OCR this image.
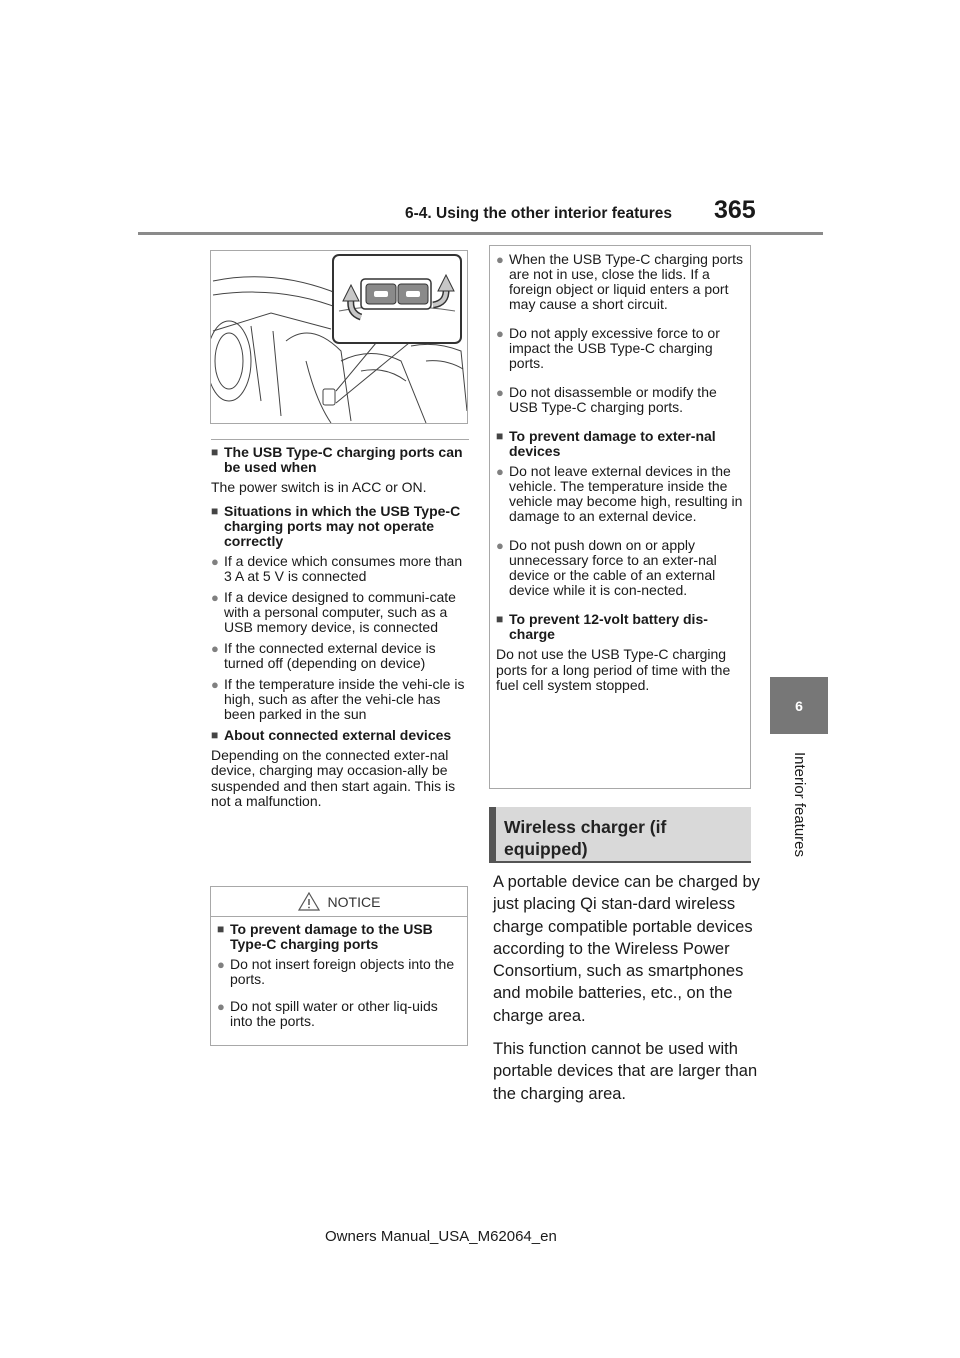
6-4. Using the other interior features	365
6
Interior features
■ The USB Type-C charging ports can be used when
The power switch is in ACC or ON.
■ Situations in which the USB Type-C charging ports may not operate correctly
● If a device which consumes more than 3 A at 5 V is connected
● If a device designed to communi-cate with a personal computer, such as a USB memory device, is connected
● If the connected external device is turned off (depending on device)
● If the temperature inside the vehi-cle is high, such as after the vehi-cle has been parked in the sun
■ About connected external devices
Depending on the connected exter-nal device, charging may occasion-ally be suspended and then start again. This is not a malfunction.
NOTICE
■ To prevent damage to the USB Type-C charging ports
● Do not insert foreign objects into the ports.
● Do not spill water or other liq-uids into the ports.
● When the USB Type-C charging ports are not in use, close the lids. If a foreign object or liquid enters a port may cause a short circuit.
● Do not apply excessive force to or impact the USB Type-C charging ports.
● Do not disassemble or modify the USB Type-C charging ports.
■ To prevent damage to exter-nal devices
● Do not leave external devices in the vehicle. The temperature inside the vehicle may become high, resulting in damage to an external device.
● Do not push down on or apply unnecessary force to an exter-nal device or the cable of an external device while it is con-nected.
■ To prevent 12-volt battery dis-charge
Do not use the USB Type-C charging ports for a long period of time with the fuel cell system stopped.
Wireless charger (if equipped)

A portable device can be charged by just placing Qi stan-dard wireless charge compatible portable devices according to the Wireless Power Consortium, such as smartphones and mobile batteries, etc., on the charge area.

This function cannot be used with portable devices that are larger than the charging area.

Owners Manual_USA_M62064_en
